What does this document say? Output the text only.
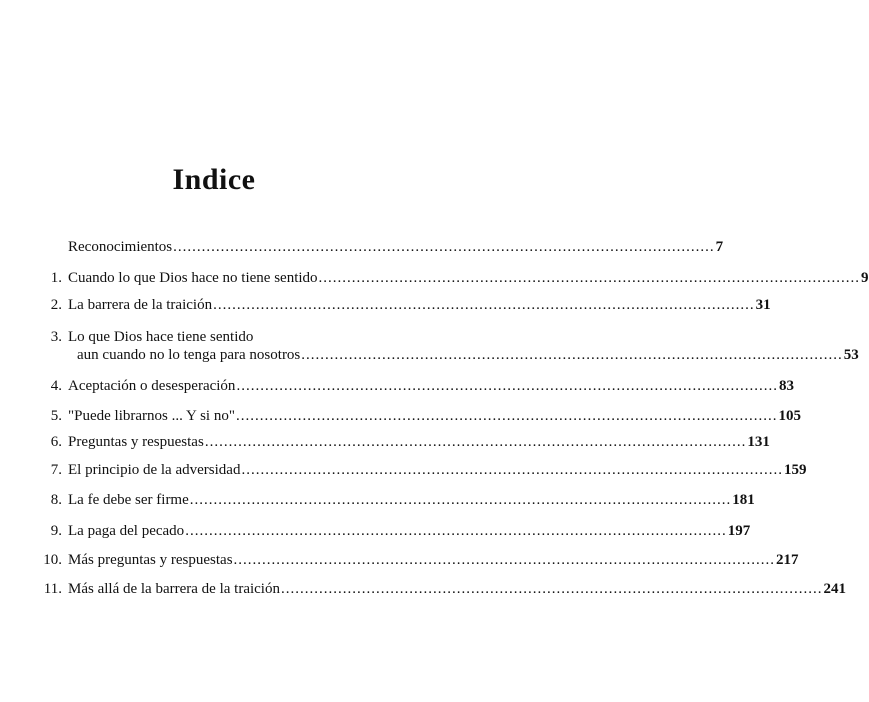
Indice
Reconocimientos .................................................................................................................. 7
1. Cuando lo que Dios hace no tiene sentido .................................................................................................................. 9
2. La barrera de la traición .................................................................................................................. 31
3. Lo que Dios hace tiene sentido
aun cuando no lo tenga para nosotros .................................................................................................................. 53
4. Aceptación o desesperación .................................................................................................................. 83
5. "Puede librarnos ... Y si no" .................................................................................................................. 105
6. Preguntas y respuestas .................................................................................................................. 131
7. El principio de la adversidad .................................................................................................................. 159
8. La fe debe ser firme .................................................................................................................. 181
9. La paga del pecado .................................................................................................................. 197
10. Más preguntas y respuestas .................................................................................................................. 217
11. Más allá de la barrera de la traición .................................................................................................................. 241
